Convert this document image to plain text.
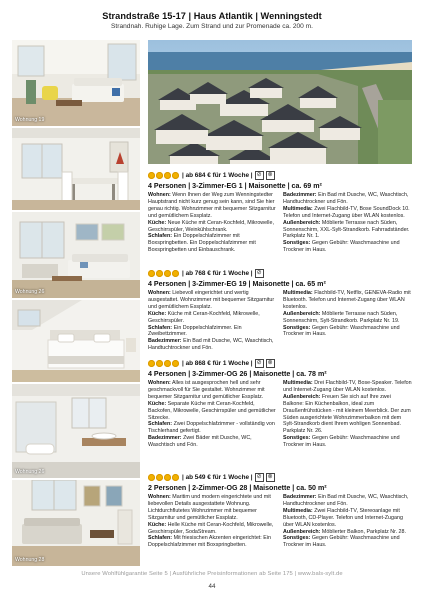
Strandstraße 15-17 | Haus Atlantik | Wenningstedt
Strandnah. Ruhige Lage. Zum Strand und zur Promenade ca. 200 m.
Wohnung 19
Wohnung 26
Wohnung 26
Wohnung 28
| ab 684 € für 1 Woche | ⊘ ⊗
4 Personen | 3-Zimmer-EG 1 | Maisonette | ca. 69 m²
Wohnen: Wenn Ihnen der Weg zum Wenningstedter Hauptstrand nicht kurz genug sein kann, sind Sie hier genau richtig. Wohnzimmer mit bequemer Sitzgarnitur und gemütlichem Essplatz.
Küche: Neue Küche mit Ceran-Kochfeld, Mikrowelle, Geschirrspüler, Weinkühlschrank.
Schlafen: Ein Doppelschlafzimmer mit Boxspringbetten. Ein Doppelschlafzimmer mit Boxspringbetten und Einbauschrank.
Badezimmer: Ein Bad mit Dusche, WC, Waschtisch, Handtuchtrockner und Fön.
Multimedia: Zwei Flachbild-TV, Bose SoundDock 10. Telefon und Internet-Zugang über WLAN kostenlos.
Außenbereich: Möblierte Terrasse nach Süden, Sonnenschirm, XXL-Sylt-Strandkorb. Fahrradständer. Parkplatz Nr. 1.
Sonstiges: Gegen Gebühr: Waschmaschine und Trockner im Haus.
| ab 768 € für 1 Woche | ⊘
4 Personen | 3-Zimmer-EG 19 | Maisonette | ca. 65 m²
Wohnen: Liebevoll eingerichtet und wertig ausgestattet. Wohnzimmer mit bequemer Sitzgarnitur und gemütlichem Essplatz.
Küche: Küche mit Ceran-Kochfeld, Mikrowelle, Geschirrspüler.
Schlafen: Ein Doppelschlafzimmer. Ein Zweibettzimmer.
Badezimmer: Ein Bad mit Dusche, WC, Waschtisch, Handtuchtrockner und Fön.
Multimedia: Flachbild-TV, Netflix, GENEVA-Radio mit Bluetooth. Telefon und Internet-Zugang über WLAN kostenlos.
Außenbereich: Möblierte Terrasse nach Süden, Sonnenschirm, Sylt-Strandkorb. Parkplatz Nr. 19.
Sonstiges: Gegen Gebühr: Waschmaschine und Trockner im Haus.
| ab 868 € für 1 Woche | ⊘ ⊗
4 Personen | 3-Zimmer-OG 26 | Maisonette | ca. 78 m²
Wohnen: Alles ist ausgesprochen hell und sehr geschmackvoll für Sie gestaltet. Wohnzimmer mit bequemer Sitzgarnitur und gemütlicher Essplatz.
Küche: Separate Küche mit Ceran-Kochfeld, Backofen, Mikrowelle, Geschirrspüler und gemütlicher Sitzecke.
Schlafen: Zwei Doppelschlafzimmer - vollständig von Tischlerhand gefertigt.
Badezimmer: Zwei Bäder mit Dusche, WC, Waschtisch und Fön.
Multimedia: Drei Flachbild-TV, Bose-Speaker. Telefon und Internet-Zugang über WLAN kostenlos.
Außenbereich: Freuen Sie sich auf Ihre zwei Balkone: Ein Küchenbalkon, ideal zum Draußenfrühstücken - mit kleinem Meerblick. Der zum Süden ausgerichtete Wohnzimmerbalkon mit dem Sylt-Strandkorb dient Ihrem wohligen Sonnenbad. Parkplatz Nr. 26.
Sonstiges: Gegen Gebühr: Waschmaschine und Trockner im Haus.
| ab 549 € für 1 Woche | ⊘ ⊗
2 Personen | 2-Zimmer-OG 28 | Maisonette | ca. 50 m²
Wohnen: Maritim und modern eingerichtete und mit liebevollen Details ausgestattete Wohnung. Lichtdurchflutetes Wohnzimmer mit bequemer Sitzgarnitur und gemütlicher Essplatz.
Küche: Helle Küche mit Ceran-Kochfeld, Mikrowelle, Geschirrspüler, SodaStream.
Schlafen: Mit friesischen Akzenten eingerichtet: Ein Doppelschlafzimmer mit Boxspringbetten.
Badezimmer: Ein Bad mit Dusche, WC, Waschtisch, Handtuchtrockner und Fön.
Multimedia: Zwei Flachbild-TV, Stereoanlage mit Bluetooth, CD-Player. Telefon und Internet-Zugang über WLAN kostenlos.
Außenbereich: Möblierter Balkon, Parkplatz Nr. 28.
Sonstiges: Gegen Gebühr: Waschmaschine und Trockner im Haus.
Unsere Wohlfühlgarantie Seite 5 | Ausführliche Preisinformationen ab Seite 175 | www.bals-sylt.de
44
